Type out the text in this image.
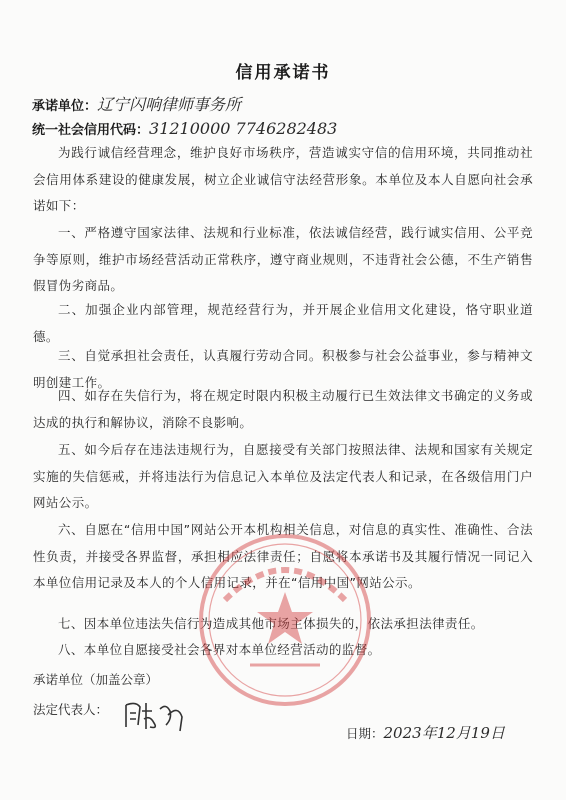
信用承诺书
承诺单位：辽宁闪响律师事务所
统一社会信用代码：31210000 7746282483
为践行诚信经营理念，维护良好市场秩序，营造诚实守信的信用环境，共同推动社会信用体系建设的健康发展，树立企业诚信守法经营形象。本单位及本人自愿向社会承诺如下：
一、严格遵守国家法律、法规和行业标准，依法诚信经营，践行诚实信用、公平竞争等原则，维护市场经营活动正常秩序，遵守商业规则，不违背社会公德，不生产销售假冒伪劣商品。
二、加强企业内部管理，规范经营行为，并开展企业信用文化建设，恪守职业道德。
三、自觉承担社会责任，认真履行劳动合同。积极参与社会公益事业，参与精神文明创建工作。
四、如存在失信行为，将在规定时限内积极主动履行已生效法律文书确定的义务或达成的执行和解协议，消除不良影响。
五、如今后存在违法违规行为，自愿接受有关部门按照法律、法规和国家有关规定实施的失信惩戒，并将违法行为信息记入本单位及法定代表人和记录，在各级信用门户网站公示。
六、自愿在“信用中国”网站公开本机构相关信息，对信息的真实性、准确性、合法性负责，并接受各界监督，承担相应法律责任；自愿将本承诺书及其履行情况一同记入本单位信用记录及本人的个人信用记录，并在“信用中国”网站公示。
七、因本单位违法失信行为造成其他市场主体损失的，依法承担法律责任。
八、本单位自愿接受社会各界对本单位经营活动的监督。
承诺单位（加盖公章）
法定代表人：
日期：2023年12月19日
